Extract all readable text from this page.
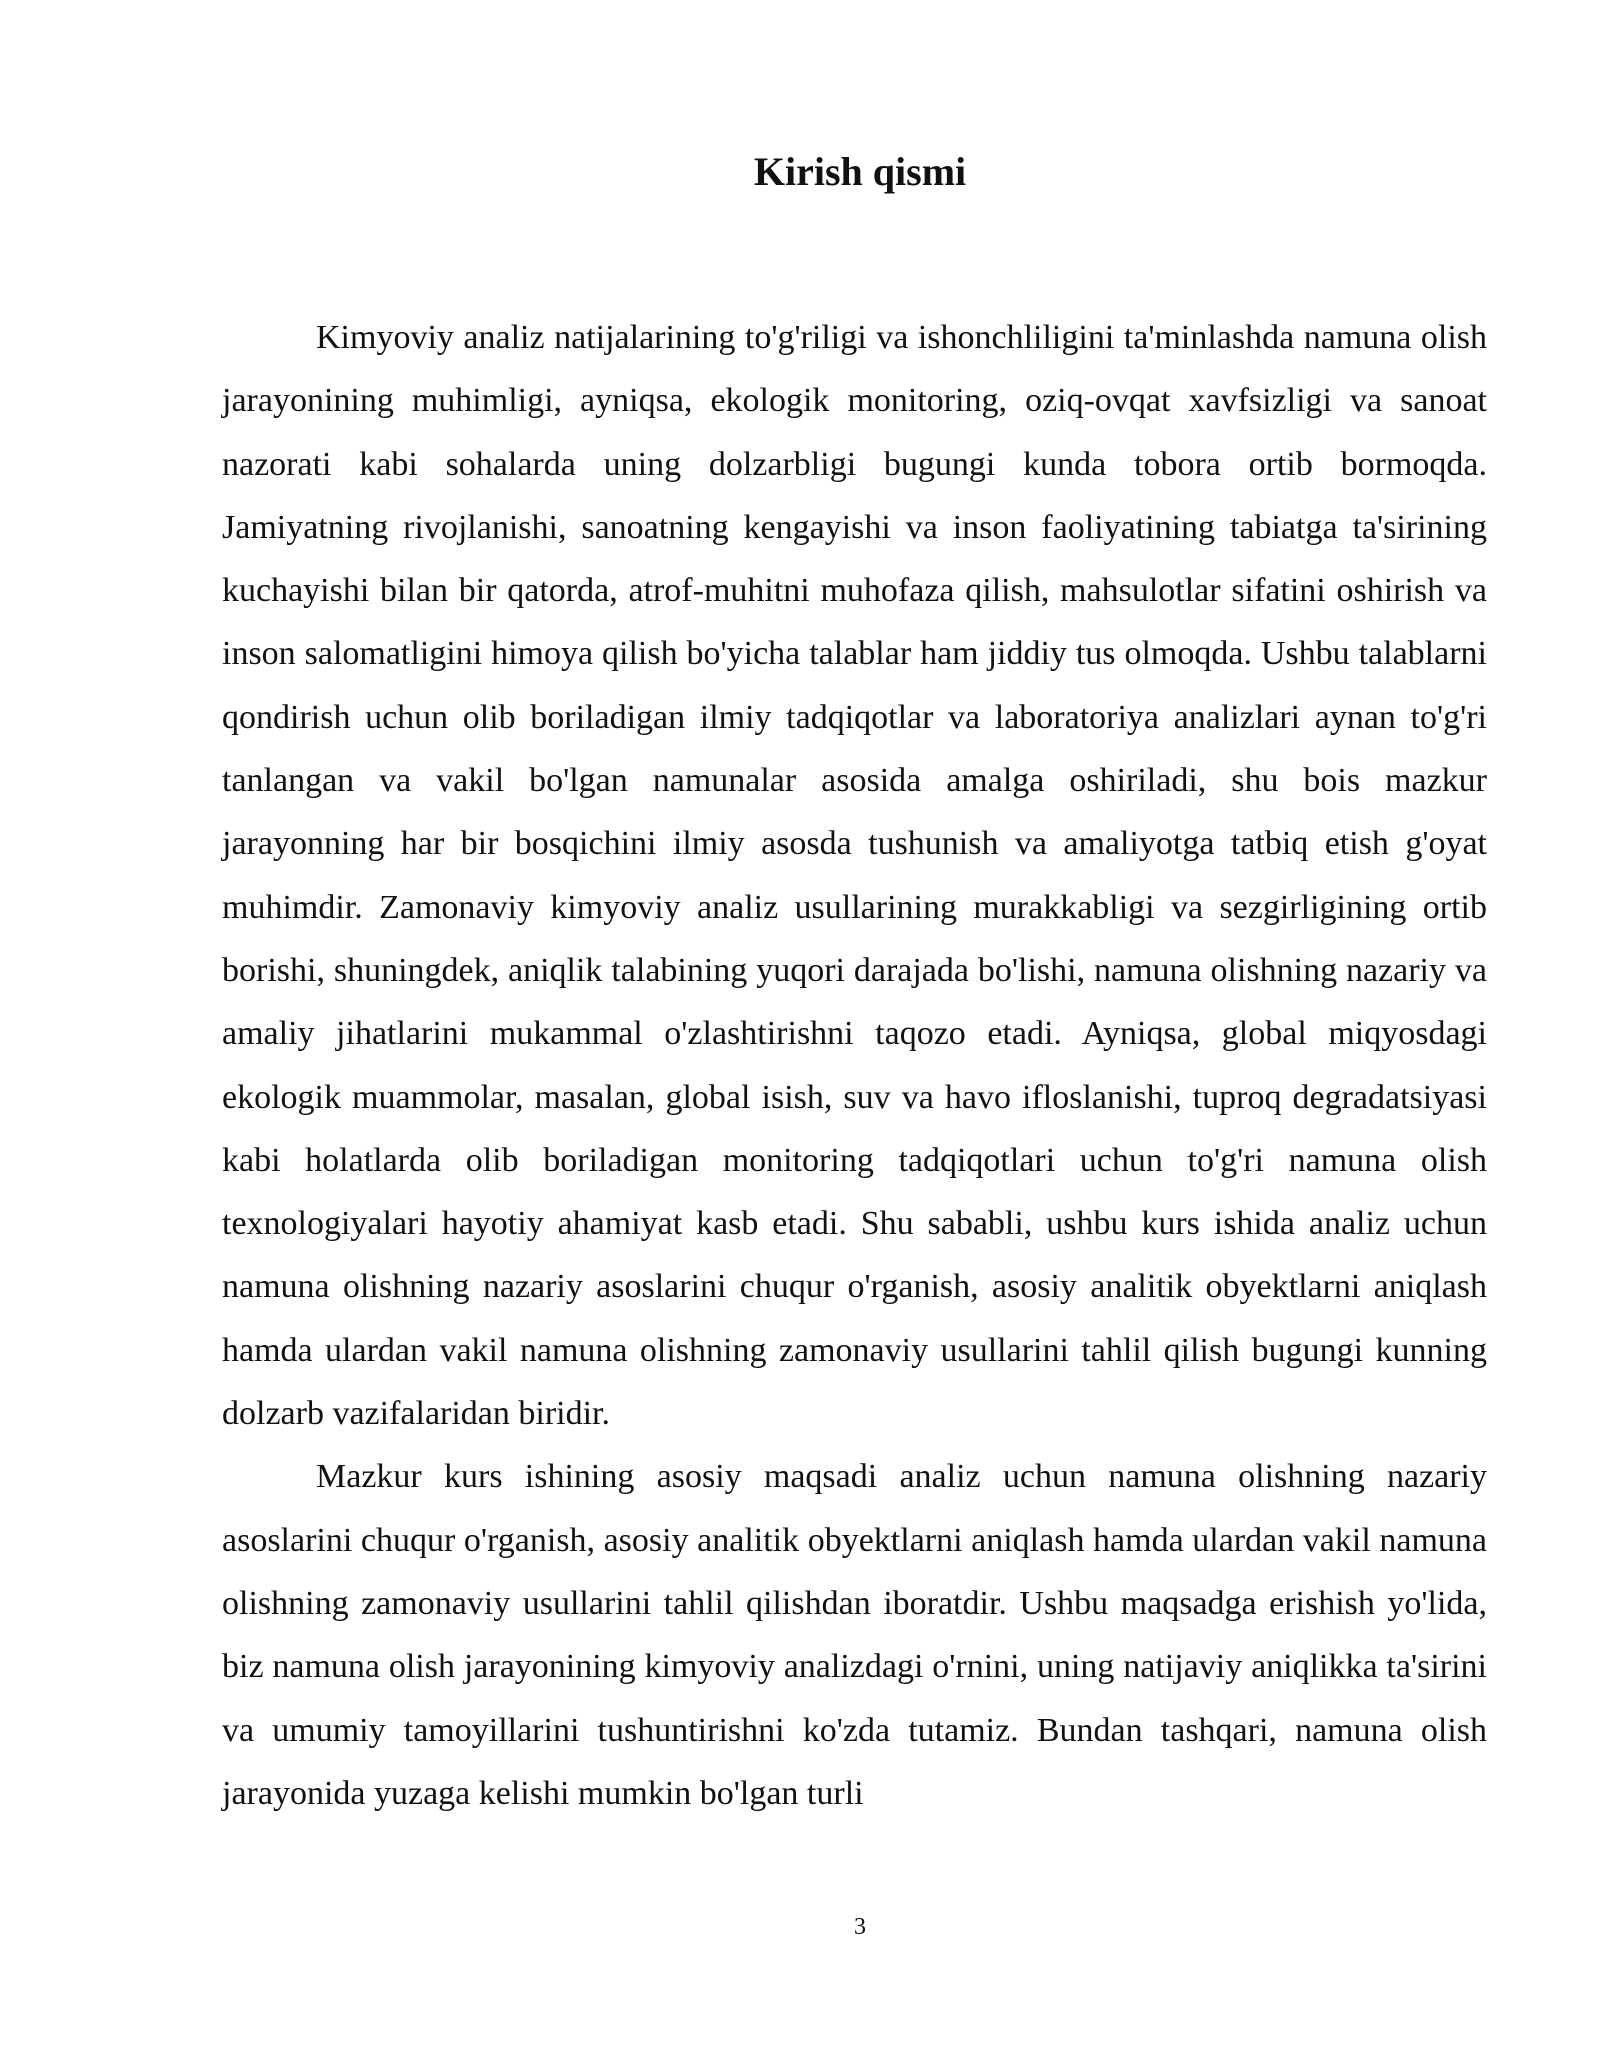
Kirish qismi

Kimyoviy analiz natijalarining to'g'riligi va ishonchliligini ta'minlashda namuna olish jarayonining muhimligi, ayniqsa, ekologik monitoring, oziq-ovqat xavfsizligi va sanoat nazorati kabi sohalarda uning dolzarbligi bugungi kunda tobora ortib bormoqda. Jamiyatning rivojlanishi, sanoatning kengayishi va inson faoliyatining tabiatga ta'sirining kuchayishi bilan bir qatorda, atrof-muhitni muhofaza qilish, mahsulotlar sifatini oshirish va inson salomatligini himoya qilish bo'yicha talablar ham jiddiy tus olmoqda. Ushbu talablarni qondirish uchun olib boriladigan ilmiy tadqiqotlar va laboratoriya analizlari aynan to'g'ri tanlangan va vakil bo'lgan namunalar asosida amalga oshiriladi, shu bois mazkur jarayonning har bir bosqichini ilmiy asosda tushunish va amaliyotga tatbiq etish g'oyat muhimdir. Zamonaviy kimyoviy analiz usullarining murakkabligi va sezgirligining ortib borishi, shuningdek, aniqlik talabining yuqori darajada bo'lishi, namuna olishning nazariy va amaliy jihatlarini mukammal o'zlashtirishni taqozo etadi. Ayniqsa, global miqyosdagi ekologik muammolar, masalan, global isish, suv va havo ifloslanishi, tuproq degradatsiyasi kabi holatlarda olib boriladigan monitoring tadqiqotlari uchun to'g'ri namuna olish texnologiyalari hayotiy ahamiyat kasb etadi. Shu sababli, ushbu kurs ishida analiz uchun namuna olishning nazariy asoslarini chuqur o'rganish, asosiy analitik obyektlarni aniqlash hamda ulardan vakil namuna olishning zamonaviy usullarini tahlil qilish bugungi kunning dolzarb vazifalaridan biridir.

Mazkur kurs ishining asosiy maqsadi analiz uchun namuna olishning nazariy asoslarini chuqur o'rganish, asosiy analitik obyektlarni aniqlash hamda ulardan vakil namuna olishning zamonaviy usullarini tahlil qilishdan iboratdir. Ushbu maqsadga erishish yo'lida, biz namuna olish jarayonining kimyoviy analizdagi o'rnini, uning natijaviy aniqlikka ta'sirini va umumiy tamoyillarini tushuntirishni ko'zda tutamiz. Bundan tashqari, namuna olish jarayonida yuzaga kelishi mumkin bo'lgan turli

3
